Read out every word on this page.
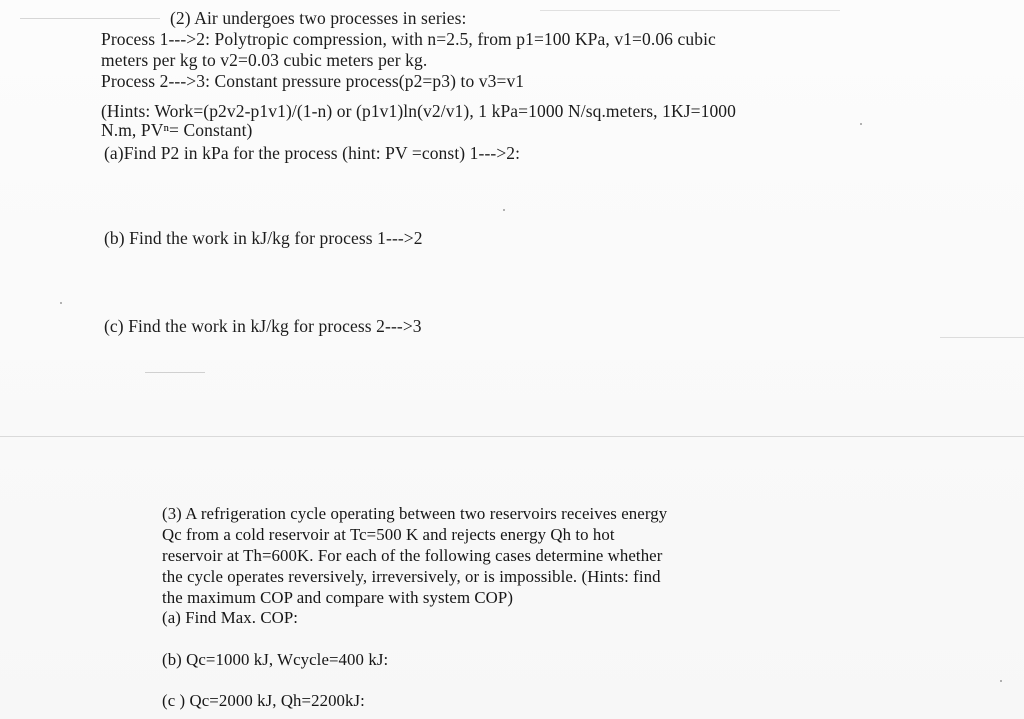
(2) Air undergoes two processes in series:
Process 1--->2: Polytropic compression, with n=2.5, from p1=100 KPa, v1=0.06 cubic
meters per kg to v2=0.03 cubic meters per kg.
Process 2--->3: Constant pressure process(p2=p3) to v3=v1
(Hints: Work=(p2v2-p1v1)/(1-n) or (p1v1)ln(v2/v1), 1 kPa=1000 N/sq.meters, 1KJ=1000
N.m, PVⁿ= Constant)
(a)Find P2 in kPa for the process (hint: PV =const) 1--->2:
(b) Find the work in kJ/kg for process 1--->2
(c) Find the work in kJ/kg for process 2--->3
(3) A refrigeration cycle operating between two reservoirs receives energy
Qc from a cold reservoir at Tc=500 K and rejects energy Qh to hot
reservoir at Th=600K. For each of the following cases determine whether
the cycle operates reversively, irreversively, or is impossible. (Hints: find
the maximum COP and compare with system COP)
(a) Find Max. COP:
(b) Qc=1000 kJ, Wcycle=400 kJ:
(c ) Qc=2000 kJ, Qh=2200kJ:
